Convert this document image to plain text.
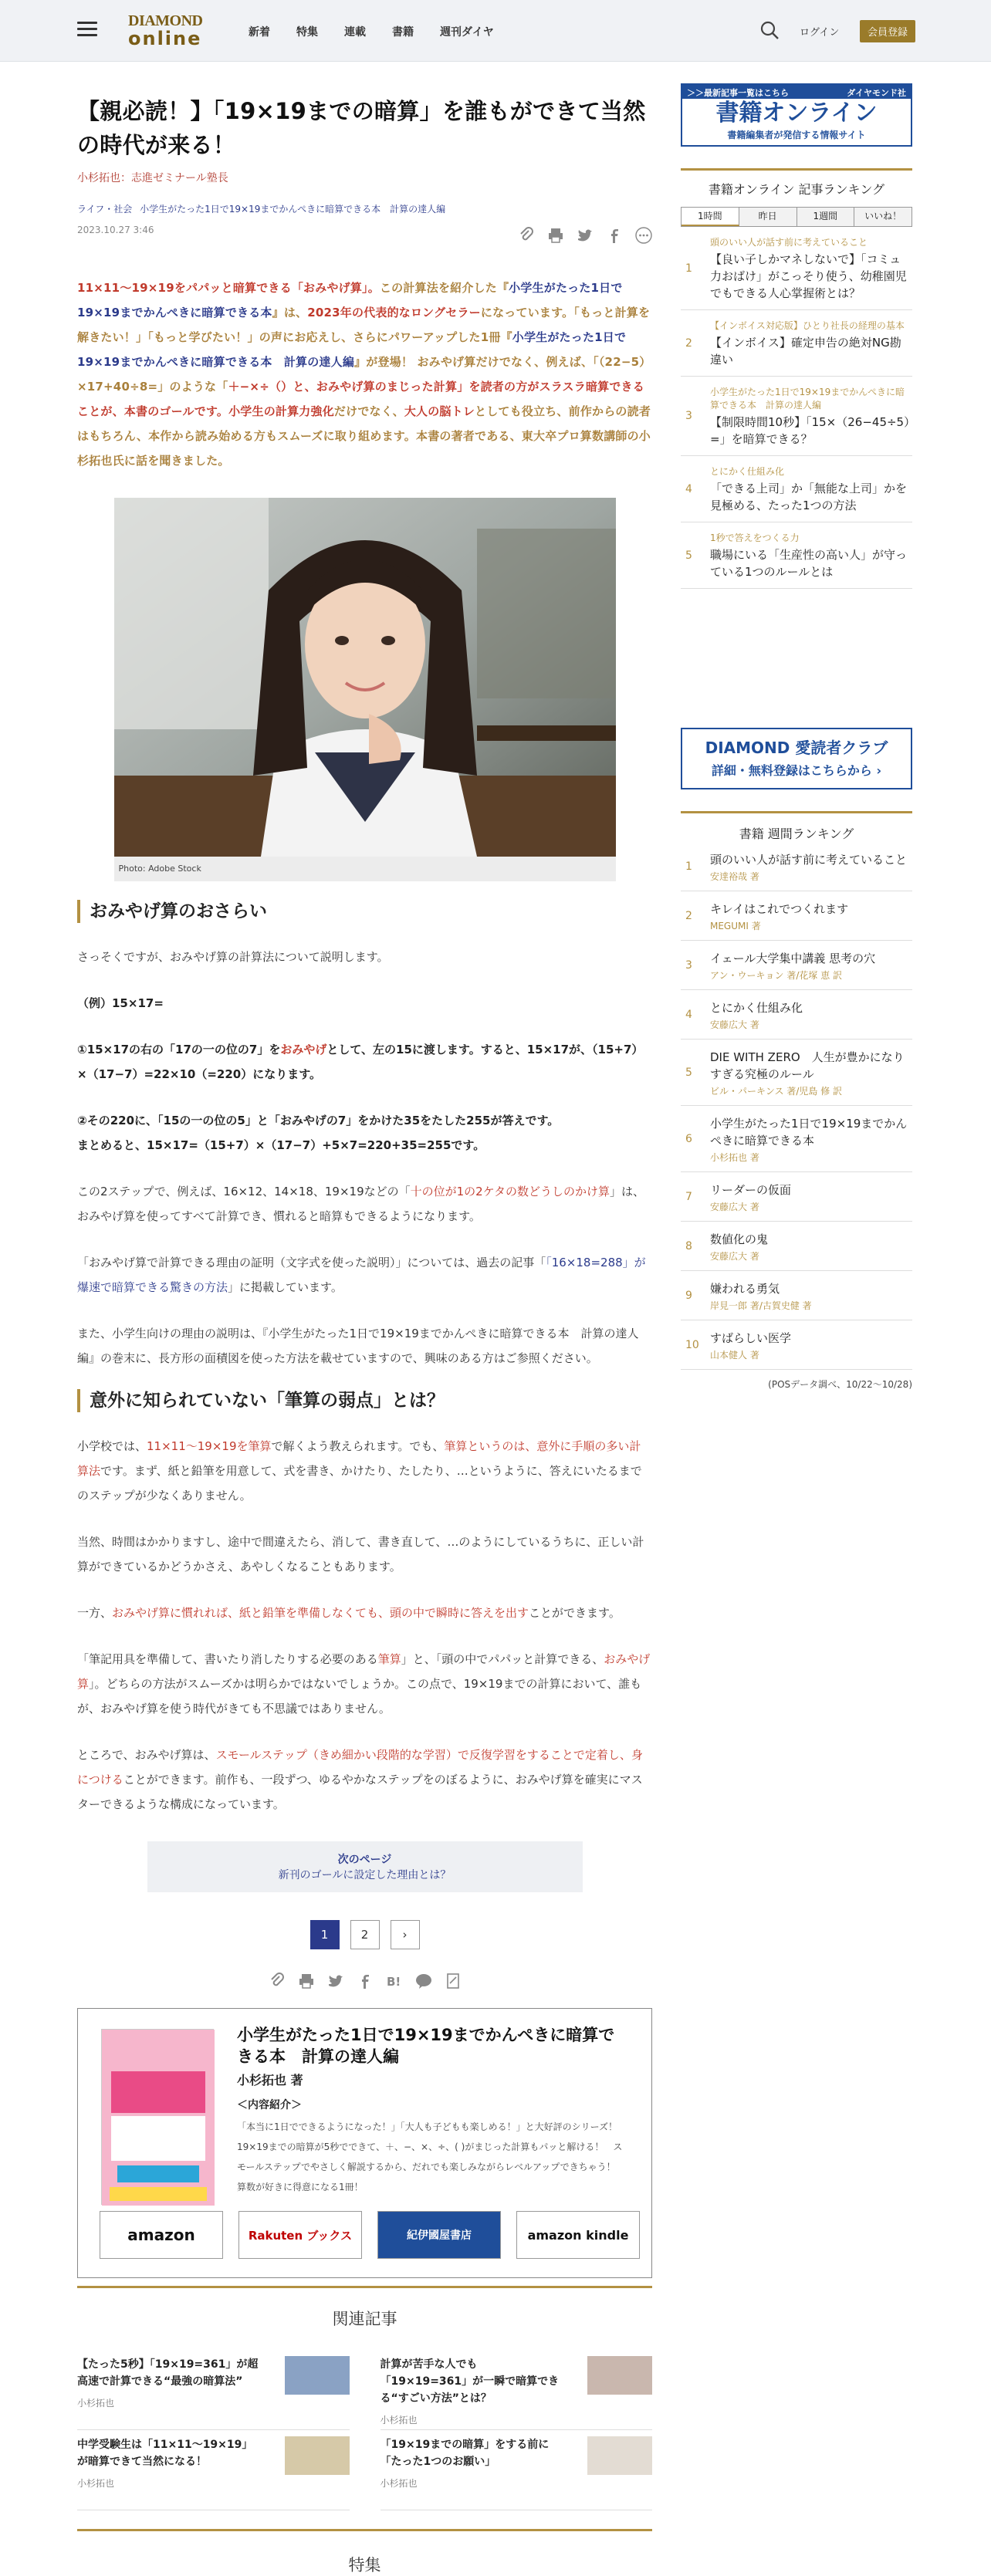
DIAMOND
online	新着 特集 連載 書籍 週刊ダイヤ	ログイン	会員登録
【親必読！】「19×19までの暗算」を誰もができて当然の時代が来る！
小杉拓也：志進ゼミナール塾長
ライフ・社会 小学生がたった1日で19×19までかんぺきに暗算できる本　計算の達人編
2023.10.27 3:46
11×11〜19×19をパパッと暗算できる「おみやげ算」。この計算法を紹介した『小学生がたった1日で19×19までかんぺきに暗算できる本』は、2023年の代表的なロングセラーになっています。「もっと計算を解きたい！」「もっと学びたい！」の声にお応えし、さらにパワーアップした1冊『小学生がたった1日で19×19までかんぺきに暗算できる本　計算の達人編』が登場！ おみやげ算だけでなく、例えば、「（22−5）×17+40÷8=」のような「＋−×÷（）と、おみやげ算のまじった計算」を読者の方がスラスラ暗算できることが、本書のゴールです。小学生の計算力強化だけでなく、大人の脳トレとしても役立ち、前作からの読者はもちろん、本作から読み始める方もスムーズに取り組めます。本書の著者である、東大卒プロ算数講師の小杉拓也氏に話を聞きました。
Photo: Adobe Stock
おみやげ算のおさらい

さっそくですが、おみやげ算の計算法について説明します。

（例）15×17=

①15×17の右の「17の一の位の7」をおみやげとして、左の15に渡します。すると、15×17が、（15+7）×（17−7）=22×10（=220）になります。

②その220に、「15の一の位の5」と「おみやげの7」をかけた35をたした255が答えです。
まとめると、15×17=（15+7）×（17−7）+5×7=220+35=255です。

この2ステップで、例えば、16×12、14×18、19×19などの「十の位が1の2ケタの数どうしのかけ算」は、おみやげ算を使ってすべて計算でき、慣れると暗算もできるようになります。

「おみやげ算で計算できる理由の証明（文字式を使った説明）」については、過去の記事「「16×18=288」が爆速で暗算できる驚きの方法」に掲載しています。

また、小学生向けの理由の説明は、『小学生がたった1日で19×19までかんぺきに暗算できる本　計算の達人編』の巻末に、長方形の面積図を使った方法を載せていますので、興味のある方はご参照ください。

意外に知られていない「筆算の弱点」とは？

小学校では、11×11〜19×19を筆算で解くよう教えられます。でも、筆算というのは、意外に手順の多い計算法です。まず、紙と鉛筆を用意して、式を書き、かけたり、たしたり、…というように、答えにいたるまでのステップが少なくありません。

当然、時間はかかりますし、途中で間違えたら、消して、書き直して、…のようにしているうちに、正しい計算ができているかどうかさえ、あやしくなることもあります。

一方、おみやげ算に慣れれば、紙と鉛筆を準備しなくても、頭の中で瞬時に答えを出すことができます。

「筆記用具を準備して、書いたり消したりする必要のある筆算」と、「頭の中でパパッと計算できる、おみやげ算」。どちらの方法がスムーズかは明らかではないでしょうか。この点で、19×19までの計算において、誰もが、おみやげ算を使う時代がきても不思議ではありません。

ところで、おみやげ算は、スモールステップ（きめ細かい段階的な学習）で反復学習をすることで定着し、身につけることができます。前作も、一段ずつ、ゆるやかなステップをのぼるように、おみやげ算を確実にマスターできるような構成になっています。

次のページ
新刊のゴールに設定した理由とは？
1	2	›
B!
小学生がたった1日で19×19までかんぺきに暗算できる本　計算の達人編
小杉拓也 著
＜内容紹介＞
「本当に1日でできるようになった！」「大人も子どもも楽しめる！」と大好評のシリーズ！　19×19までの暗算が5秒でできて、＋、−、×、÷、( )がまじった計算もパッと解ける！　スモールステップでやさしく解説するから、だれでも楽しみながらレベルアップできちゃう！　算数が好きに得意になる1冊！
amazon	Rakuten ブックス	紀伊國屋書店	amazon kindle
関連記事
【たった5秒】「19×19=361」が超高速で計算できる“最強の暗算法”
小杉拓也
計算が苦手な人でも「19×19=361」が一瞬で暗算できる“すごい方法”とは？
小杉拓也
中学受験生は「11×11〜19×19」が暗算できて当然になる！
小杉拓也
「19×19までの暗算」をする前に「たった1つのお願い」
小杉拓也
特集
＞＞最新記事一覧はこちら	ダイヤモンド社
書籍オンライン
書籍編集者が発信する情報サイト
書籍オンライン 記事ランキング
1時間	昨日	1週間	いいね！
1
頭のいい人が話す前に考えていること
【良い子しかマネしないで】「コミュ力おばけ」がこっそり使う、幼稚園児でもできる人心掌握術とは？
2
【インボイス対応版】ひとり社長の経理の基本
【インボイス】確定申告の絶対NG勘違い
3
小学生がたった1日で19×19までかんぺきに暗算できる本　計算の達人編
【制限時間10秒】「15×（26−45÷5）=」を暗算できる？
4
とにかく仕組み化
「できる上司」か「無能な上司」かを見極める、たった1つの方法
5
1秒で答えをつくる力
職場にいる「生産性の高い人」が守っている1つのルールとは
DIAMOND 愛読者クラブ
詳細・無料登録はこちらから ›
書籍 週間ランキング
1 頭のいい人が話す前に考えていること
安達裕哉 著
2 キレイはこれでつくれます
MEGUMI 著
3 イェール大学集中講義 思考の穴
アン・ウーキョン 著/花塚 恵 訳
4 とにかく仕組み化
安藤広大 著
5
DIE WITH ZERO　人生が豊かになりすぎる究極のルール
ビル・パーキンス 著/児島 修 訳
6
小学生がたった1日で19×19までかんぺきに暗算できる本
小杉拓也 著
7 リーダーの仮面
安藤広大 著
8 数値化の鬼
安藤広大 著
9 嫌われる勇気
岸見一郎 著/古賀史健 著
10 すばらしい医学
山本健人 著
(POSデータ調べ、10/22〜10/28)
